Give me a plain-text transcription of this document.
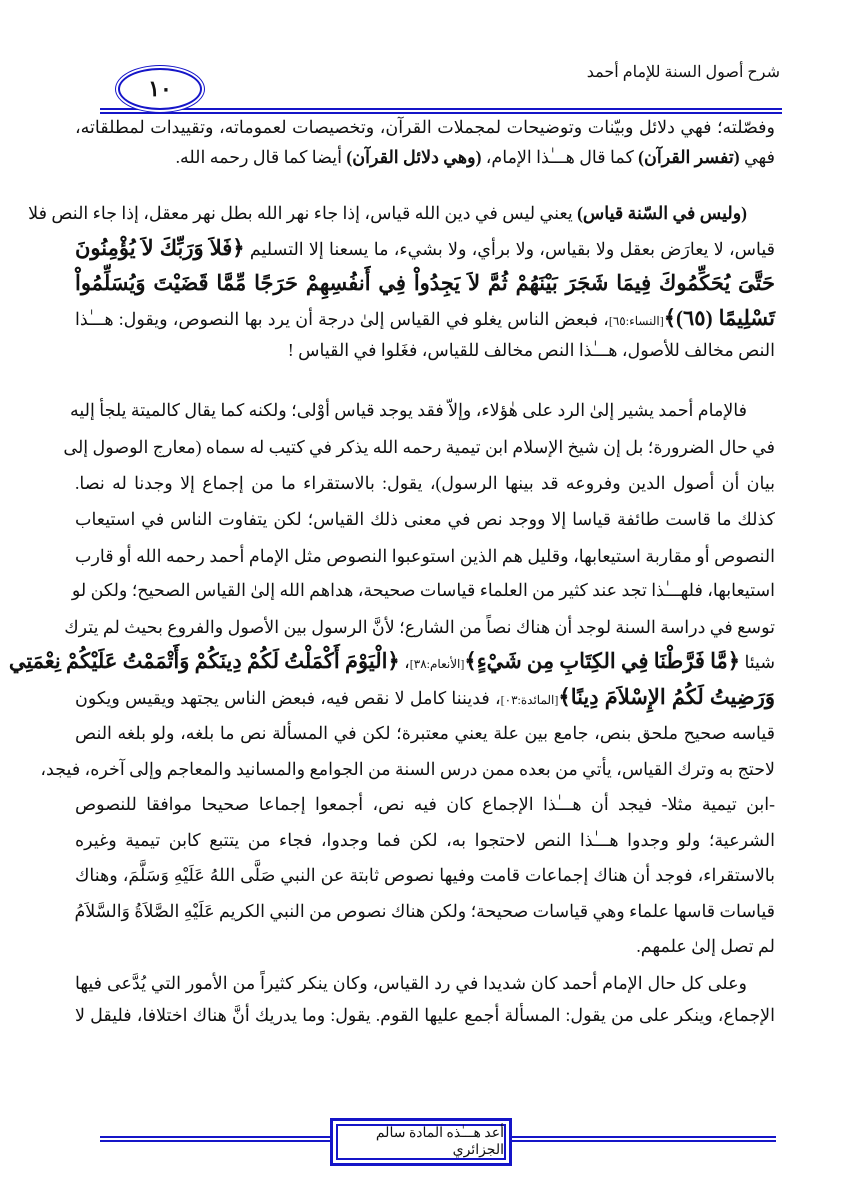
شرح أصول السنة للإمام أحمد
١٠
وفصّلته؛ فهي دلائل وبيّنات وتوضيحات لمجملات القرآن، وتخصيصات لعموماته، وتقييدات لمطلقاته،
فهي (تفسر القرآن) كما قال هـــٰذا الإمام، (وهي دلائل القرآن) أيضا كما قال رحمه الله.
(وليس في السّنة قياس) يعني ليس في دين الله قياس، إذا جاء نهر الله بطل نهر معقل، إذا جاء النص فلا
قياس، لا يعارَض بعقل ولا بقياس، ولا برأي، ولا بشيء، ما يسعنا إلا التسليم ﴿فَلاَ وَرَبِّكَ لاَ يُؤْمِنُونَ
حَتَّىَ يُحَكِّمُوكَ فِيمَا شَجَرَ بَيْنَهُمْ ثُمَّ لاَ يَجِدُواْ فِي أَنفُسِهِمْ حَرَجًا مِّمَّا قَضَيْتَ وَيُسَلِّمُواْ
تَسْلِيمًا (٦٥)﴾[النساء:٦٥]، فبعض الناس يغلو في القياس إلىٰ درجة أن يرد بها النصوص، ويقول: هـــٰذا
النص مخالف للأصول، هـــٰذا النص مخالف للقياس، فغَلوا في القياس !
فالإمام أحمد يشير إلىٰ الرد على هٰؤلاء، وإلاّ فقد يوجد قياس أوْلى؛ ولكنه كما يقال كالميتة يلجأ إليه
في حال الضرورة؛ بل إن شيخ الإسلام ابن تيمية رحمه الله يذكر في كتيب له سماه (معارج الوصول إلى
بيان أن أصول الدين وفروعه قد بينها الرسول)، يقول: بالاستقراء ما من إجماع إلا وجدنا له نصا.
كذلك ما قاست طائفة قياسا إلا ووجد نص في معنى ذلك القياس؛ لكن يتفاوت الناس في استيعاب
النصوص أو مقاربة استيعابها، وقليل هم الذين استوعبوا النصوص مثل الإمام أحمد رحمه الله أو قارب
استيعابها، فلهـــٰذا تجد عند كثير من العلماء قياسات صحيحة، هداهم الله إلىٰ القياس الصحيح؛ ولكن لو
توسع في دراسة السنة لوجد أن هناك نصاً من الشارع؛ لأنَّ الرسول بين الأصول والفروع بحيث لم يترك
شيئا ﴿مَّا فَرَّطْنَا فِي الكِتَابِ مِن شَيْءٍ﴾[الأنعام:٣٨]، ﴿الْيَوْمَ أَكْمَلْتُ لَكُمْ دِينَكُمْ وَأَتْمَمْتُ عَلَيْكُمْ نِعْمَتِي
وَرَضِيتُ لَكُمُ الإِسْلاَمَ دِينًا﴾[المائدة:٠٣]، فديننا كامل لا نقص فيه، فبعض الناس يجتهد ويقيس ويكون
قياسه صحيح ملحق بنص، جامع بين علة يعني معتبرة؛ لكن في المسألة نص ما بلغه، ولو بلغه النص
لاحتج به وترك القياس، يأتي من بعده ممن درس السنة من الجوامع والمسانيد والمعاجم وإلى آخره، فيجد،
-ابن تيمية مثلا- فيجد أن هـــٰذا الإجماع كان فيه نص، أجمعوا إجماعا صحيحا موافقا للنصوص
الشرعية؛ ولو وجدوا هـــٰذا النص لاحتجوا به، لكن فما وجدوا، فجاء من يتتبع كابن تيمية وغيره
بالاستقراء، فوجد أن هناك إجماعات قامت وفيها نصوص ثابتة عن النبي صَلَّى اللهُ عَلَيْهِ وَسَلَّمَ، وهناك
قياسات قاسها علماء وهي قياسات صحيحة؛ ولكن هناك نصوص من النبي الكريم عَلَيْهِ الصَّلاَةُ وَالسَّلاَمُ
لم تصل إلىٰ علمهم.
وعلى كل حال الإمام أحمد كان شديدا في رد القياس، وكان ينكر كثيراً من الأمور التي يُدَّعى فيها
الإجماع، وينكر على من يقول: المسألة أجمع عليها القوم. يقول: وما يدريك أنَّ هناك اختلافا، فليقل لا
أعد هـــٰذه المادة سالم الجزائري
